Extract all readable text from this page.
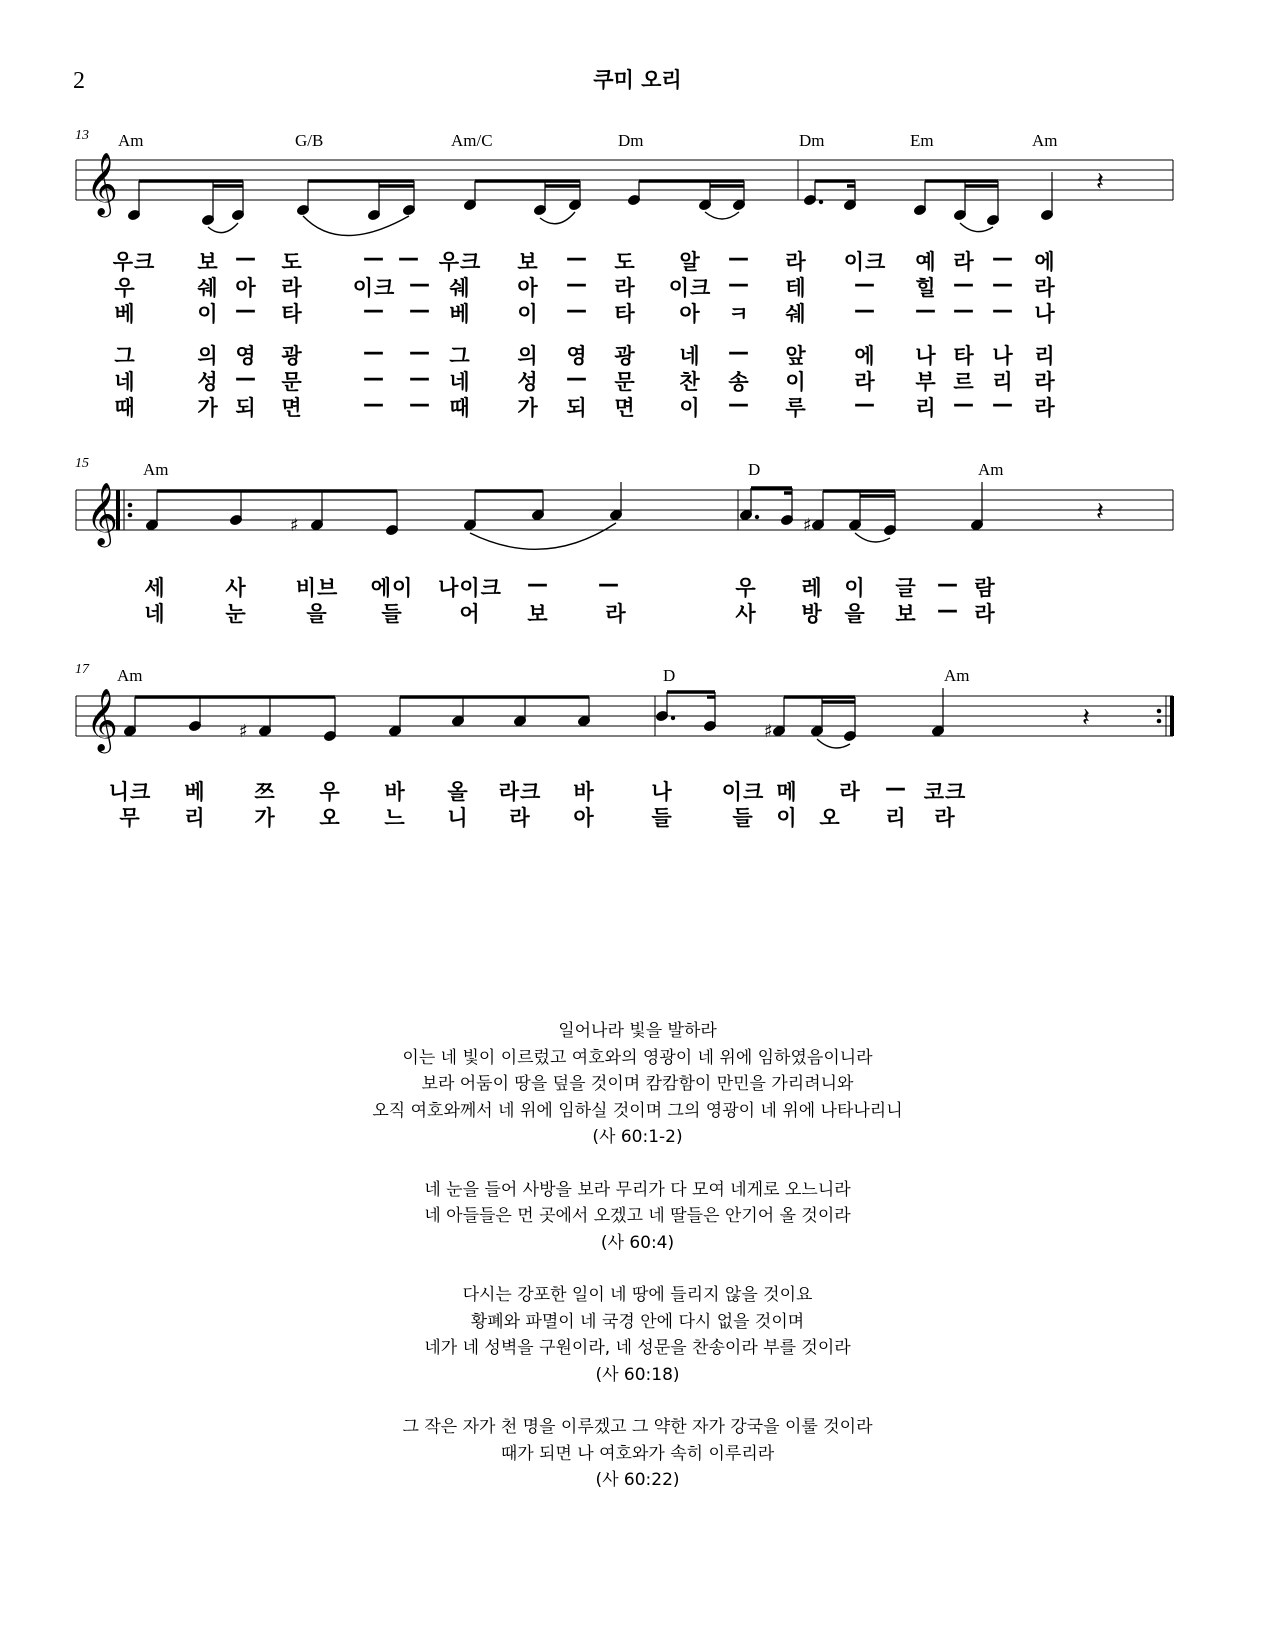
2	쿠미 오리
13 Am	G/B	Am/C	Dm	Dm	Em	Am
𝄞	𝄽
우크 보 — 도	— — 우크 보 — 도 알 — 라 이크 예 라 — 에
우	쉐 아 라 이크 — 쉐 아 — 라 이크 — 테 — 힐 — — 라
베	이 — 타	— — 베 이 — 타 아 ㅋ 쉐 — — — — 나
그	의 영 광	— — 그 의 영 광 네 — 앞 에 나 타 나 리
네	성 — 문	— — 네 성 — 문 찬 송 이 라 부 르 리 라
때	가 되 면	— — 때 가 되 면 이 — 루 — 리 — — 라
15	Am	D	Am
𝄞	♯	♯	𝄽
세	사 비브 에이 나이크 — —	우 레 이 글 — 람
네	눈	을	들	어 보	라	사 방 을 보 — 라
17 Am	D	Am
𝄞	♯	♯	𝄽
니크 베 쯔 우 바 올 라크 바	나 이크 메 라 — 코크
무 리 가 오 느 니 라 아	들	들 이 오 리 라
일어나라 빛을 발하라
이는 네 빛이 이르렀고 여호와의 영광이 네 위에 임하였음이니라
보라 어둠이 땅을 덮을 것이며 캄캄함이 만민을 가리려니와
오직 여호와께서 네 위에 임하실 것이며 그의 영광이 네 위에 나타나리니
(사 60:1-2)
네 눈을 들어 사방을 보라 무리가 다 모여 네게로 오느니라
네 아들들은 먼 곳에서 오겠고 네 딸들은 안기어 올 것이라
(사 60:4)
다시는 강포한 일이 네 땅에 들리지 않을 것이요
황폐와 파멸이 네 국경 안에 다시 없을 것이며
네가 네 성벽을 구원이라, 네 성문을 찬송이라 부를 것이라
(사 60:18)
그 작은 자가 천 명을 이루겠고 그 약한 자가 강국을 이룰 것이라
때가 되면 나 여호와가 속히 이루리라
(사 60:22)
